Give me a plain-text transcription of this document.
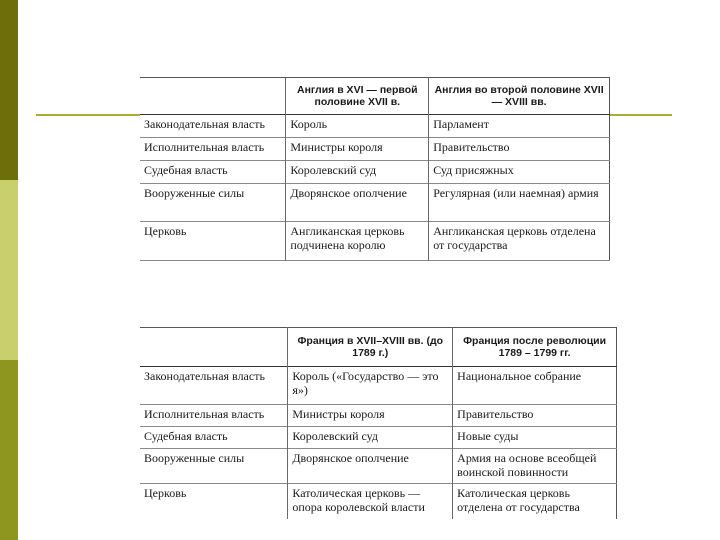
	Англия в XVI — первой половине XVII в.	Англия во второй половине XVII — XVIII вв.
Законодательная власть	Король	Парламент
Исполнительная власть	Министры короля	Правительство
Судебная власть	Королевский суд	Суд присяжных
Вооруженные силы	Дворянское ополчение	Регулярная (или наемная) армия
Церковь	Англиканская церковь подчинена королю	Англиканская церковь отделена от государства
	Франция в XVII–XVIII вв. (до 1789 г.)	Франция после революции 1789 – 1799 гг.
Законодательная власть	Король («Государство — это я»)	Национальное собрание
Исполнительная власть	Министры короля	Правительство
Судебная власть	Королевский суд	Новые суды
Вооруженные силы	Дворянское ополчение	Армия на основе всеобщей воинской повинности
Церковь	Католическая церковь — опора королевской власти	Католическая церковь отделена от государства
